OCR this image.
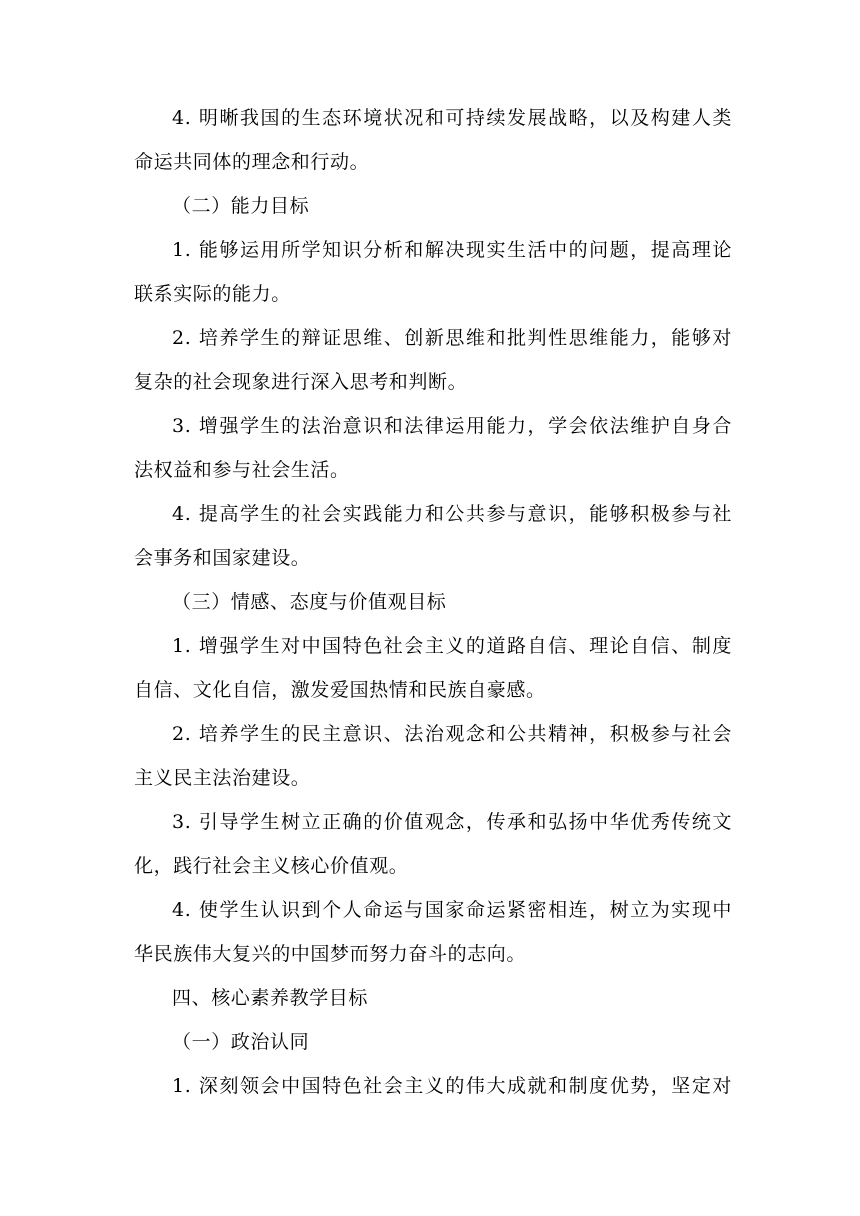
4. 明晰我国的生态环境状况和可持续发展战略，以及构建人类
命运共同体的理念和行动。
（二）能力目标
1. 能够运用所学知识分析和解决现实生活中的问题，提高理论
联系实际的能力。
2. 培养学生的辩证思维、创新思维和批判性思维能力，能够对
复杂的社会现象进行深入思考和判断。
3. 增强学生的法治意识和法律运用能力，学会依法维护自身合
法权益和参与社会生活。
4. 提高学生的社会实践能力和公共参与意识，能够积极参与社
会事务和国家建设。
（三）情感、态度与价值观目标
1. 增强学生对中国特色社会主义的道路自信、理论自信、制度
自信、文化自信，激发爱国热情和民族自豪感。
2. 培养学生的民主意识、法治观念和公共精神，积极参与社会
主义民主法治建设。
3. 引导学生树立正确的价值观念，传承和弘扬中华优秀传统文
化，践行社会主义核心价值观。
4. 使学生认识到个人命运与国家命运紧密相连，树立为实现中
华民族伟大复兴的中国梦而努力奋斗的志向。
四、核心素养教学目标
（一）政治认同
1. 深刻领会中国特色社会主义的伟大成就和制度优势，坚定对
